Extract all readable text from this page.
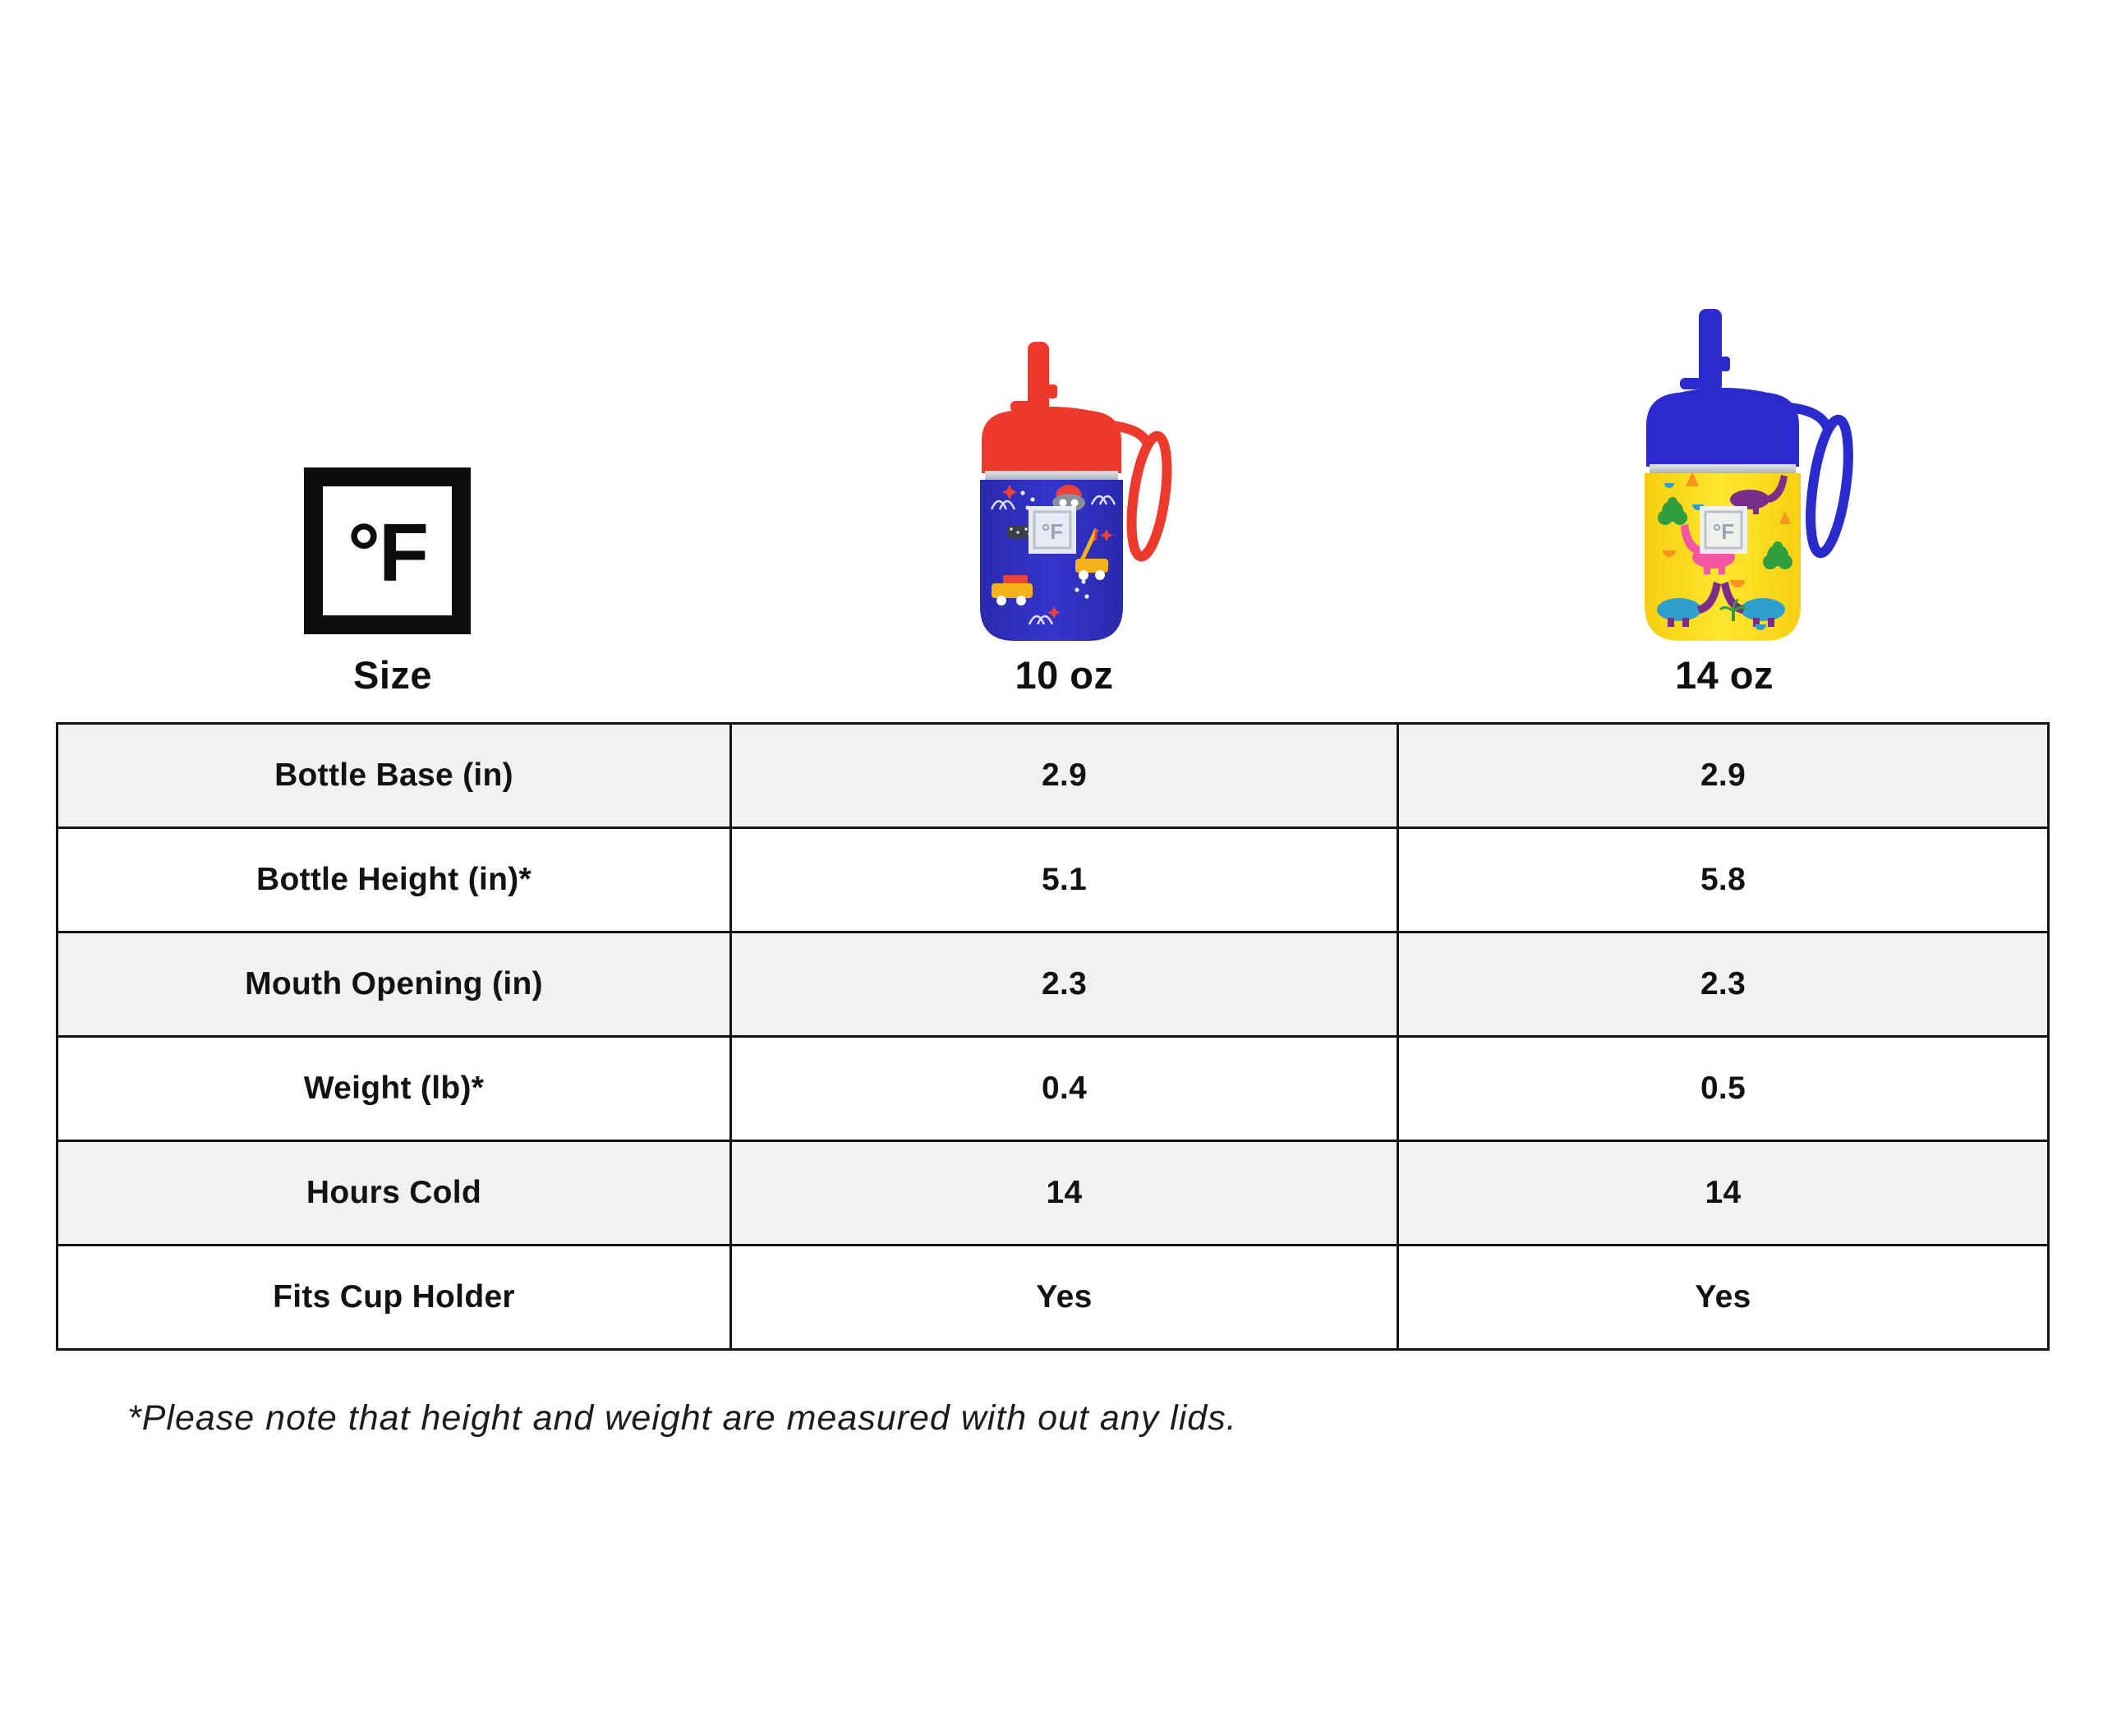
°F
Size	10 oz	14 oz
°F	°F
Bottle Base (in)	2.9	2.9
Bottle Height (in)*	5.1	5.8
Mouth Opening (in)	2.3	2.3
Weight (lb)*	0.4	0.5
Hours Cold	14	14
Fits Cup Holder	Yes	Yes
*Please note that height and weight are measured with out any lids.
